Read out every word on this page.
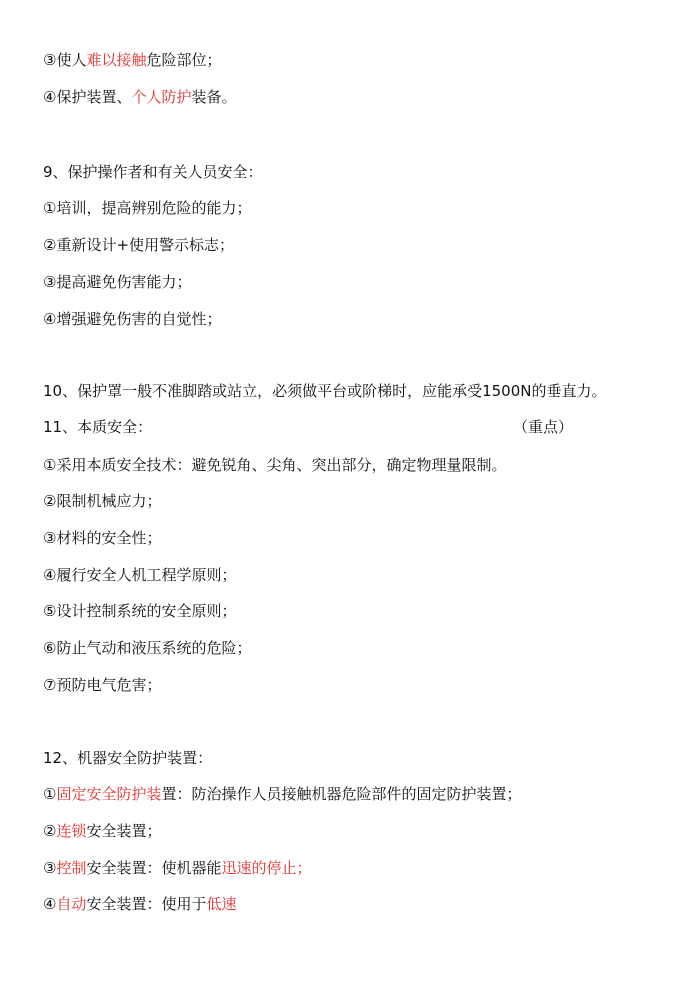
③使人难以接触危险部位；
④保护装置、个人防护装备。
9、保护操作者和有关人员安全：
①培训，提高辨别危险的能力；
②重新设计+使用警示标志；
③提高避免伤害能力；
④增强避免伤害的自觉性；
10、保护罩一般不准脚踏或站立，必须做平台或阶梯时，应能承受1500N的垂直力。
11、本质安全：	（重点）
①采用本质安全技术：避免锐角、尖角、突出部分，确定物理量限制。
②限制机械应力；
③材料的安全性；
④履行安全人机工程学原则；
⑤设计控制系统的安全原则；
⑥防止气动和液压系统的危险；
⑦预防电气危害；
12、机器安全防护装置：
①固定安全防护装置：防治操作人员接触机器危险部件的固定防护装置；
②连锁安全装置；
③控制安全装置：使机器能迅速的停止；
④自动安全装置：使用于低速
